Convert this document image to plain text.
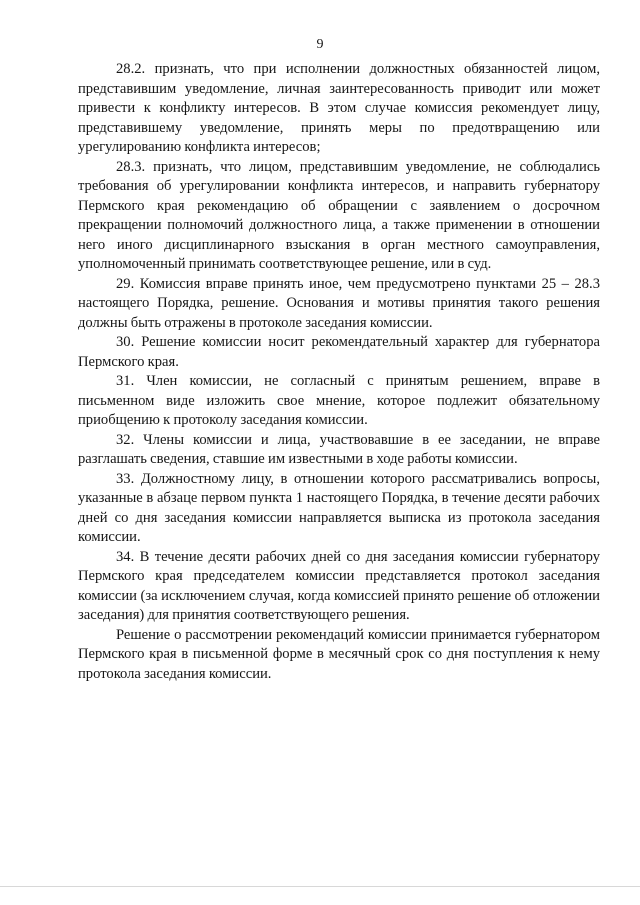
9

28.2. признать, что при исполнении должностных обязанностей лицом, представившим уведомление, личная заинтересованность приводит или может привести к конфликту интересов. В этом случае комиссия рекомендует лицу, представившему уведомление, принять меры по предотвращению или урегулированию конфликта интересов;

28.3. признать, что лицом, представившим уведомление, не соблюдались требования об урегулировании конфликта интересов, и направить губернатору Пермского края рекомендацию об обращении с заявлением о досрочном прекращении полномочий должностного лица, а также применении в отношении него иного дисциплинарного взыскания в орган местного самоуправления, уполномоченный принимать соответствующее решение, или в суд.

29. Комиссия вправе принять иное, чем предусмотрено пунктами 25 – 28.3 настоящего Порядка, решение. Основания и мотивы принятия такого решения должны быть отражены в протоколе заседания комиссии.

30. Решение комиссии носит рекомендательный характер для губернатора Пермского края.

31. Член комиссии, не согласный с принятым решением, вправе в письменном виде изложить свое мнение, которое подлежит обязательному приобщению к протоколу заседания комиссии.

32. Члены комиссии и лица, участвовавшие в ее заседании, не вправе разглашать сведения, ставшие им известными в ходе работы комиссии.

33. Должностному лицу, в отношении которого рассматривались вопросы, указанные в абзаце первом пункта 1 настоящего Порядка, в течение десяти рабочих дней со дня заседания комиссии направляется выписка из протокола заседания комиссии.

34. В течение десяти рабочих дней со дня заседания комиссии губернатору Пермского края председателем комиссии представляется протокол заседания комиссии (за исключением случая, когда комиссией принято решение об отложении заседания) для принятия соответствующего решения.

Решение о рассмотрении рекомендаций комиссии принимается губернатором Пермского края в письменной форме в месячный срок со дня поступления к нему протокола заседания комиссии.
